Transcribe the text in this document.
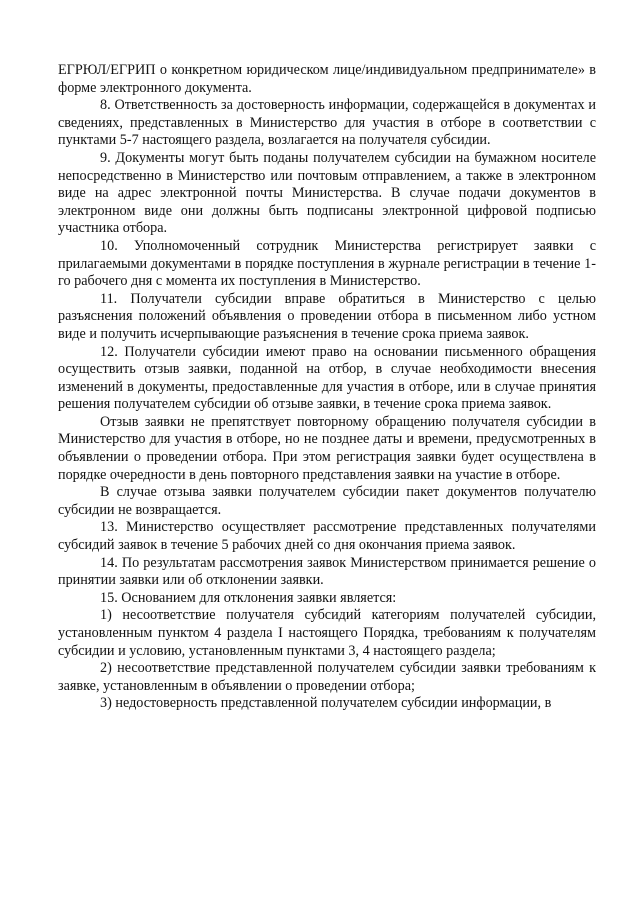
ЕГРЮЛ/ЕГРИП о конкретном юридическом лице/индивидуальном предпринимателе» в форме электронного документа.

8. Ответственность за достоверность информации, содержащейся в документах и сведениях, представленных в Министерство для участия в отборе в соответствии с пунктами 5-7 настоящего раздела, возлагается на получателя субсидии.

9. Документы могут быть поданы получателем субсидии на бумажном носителе непосредственно в Министерство или почтовым отправлением, а также в электронном виде на адрес электронной почты Министерства. В случае подачи документов в электронном виде они должны быть подписаны электронной цифровой подписью участника отбора.

10. Уполномоченный сотрудник Министерства регистрирует заявки с прилагаемыми документами в порядке поступления в журнале регистрации в течение 1-го рабочего дня с момента их поступления в Министерство.

11. Получатели субсидии вправе обратиться в Министерство с целью разъяснения положений объявления о проведении отбора в письменном либо устном виде и получить исчерпывающие разъяснения в течение срока приема заявок.

12. Получатели субсидии имеют право на основании письменного обращения осуществить отзыв заявки, поданной на отбор, в случае необходимости внесения изменений в документы, предоставленные для участия в отборе, или в случае принятия решения получателем субсидии об отзыве заявки, в течение срока приема заявок.

Отзыв заявки не препятствует повторному обращению получателя субсидии в Министерство для участия в отборе, но не позднее даты и времени, предусмотренных в объявлении о проведении отбора. При этом регистрация заявки будет осуществлена в порядке очередности в день повторного представления заявки на участие в отборе.

В случае отзыва заявки получателем субсидии пакет документов получателю субсидии не возвращается.

13. Министерство осуществляет рассмотрение представленных получателями субсидий заявок в течение 5 рабочих дней со дня окончания приема заявок.

14. По результатам рассмотрения заявок Министерством принимается решение о принятии заявки или об отклонении заявки.

15. Основанием для отклонения заявки является:

1) несоответствие получателя субсидий категориям получателей субсидии, установленным пунктом 4 раздела I настоящего Порядка, требованиям к получателям субсидии и условию, установленным пунктами 3, 4 настоящего раздела;

2) несоответствие представленной получателем субсидии заявки требованиям к заявке, установленным в объявлении о проведении отбора;

3) недостоверность представленной получателем субсидии информации, в
